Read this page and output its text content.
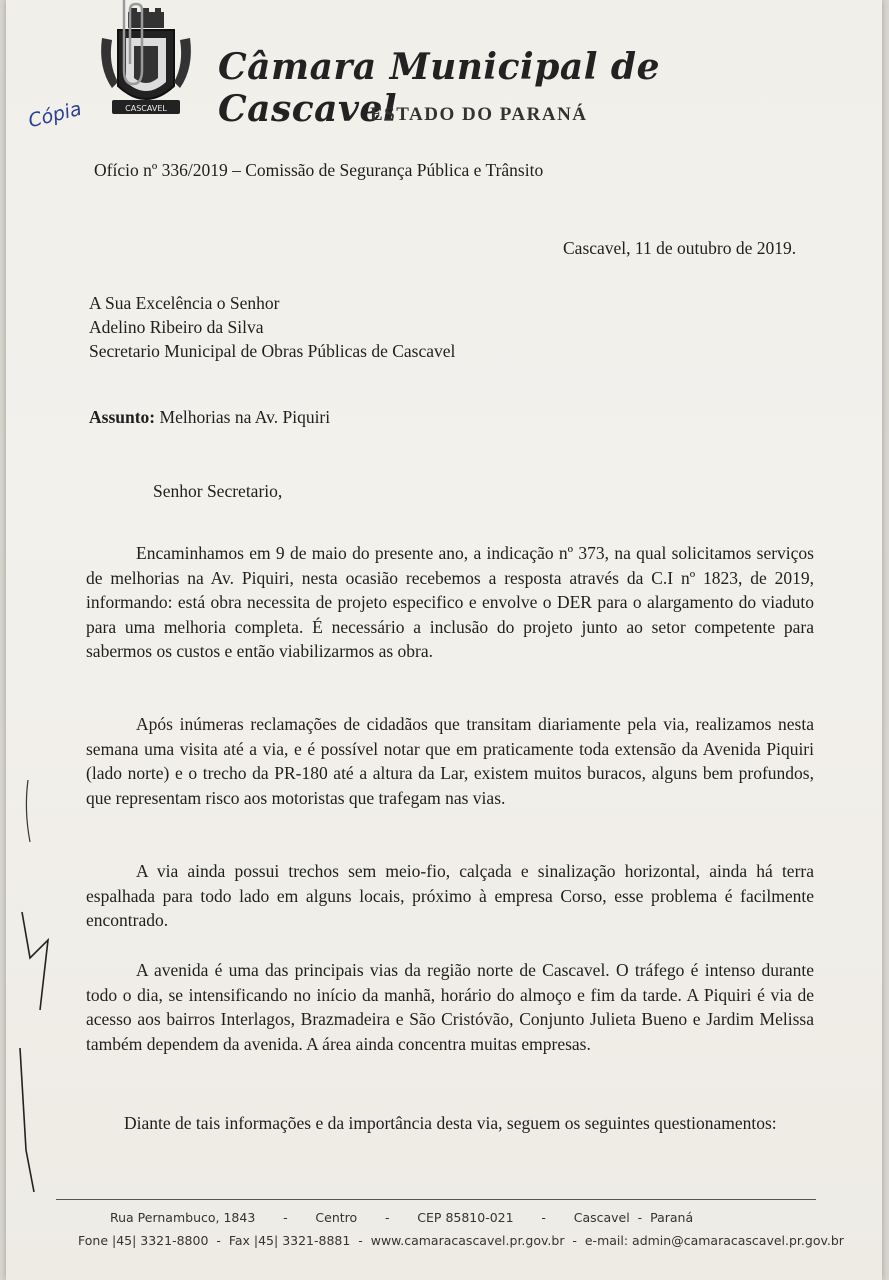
CASCAVEL
Câmara Municipal de Cascavel
ESTADO DO PARANÁ
Cópia
Ofício nº 336/2019 – Comissão de Segurança Pública e Trânsito
Cascavel, 11 de outubro de 2019.
A Sua Excelência o Senhor
Adelino Ribeiro da Silva
Secretario Municipal de Obras Públicas de Cascavel
Assunto: Melhorias na Av. Piquiri
Senhor Secretario,
Encaminhamos em 9 de maio do presente ano, a indicação nº 373, na qual solicitamos serviços de melhorias na Av. Piquiri, nesta ocasião recebemos a resposta através da C.I nº 1823, de 2019, informando: está obra necessita de projeto especifico e envolve o DER para o alargamento do viaduto para uma melhoria completa. É necessário a inclusão do projeto junto ao setor competente para sabermos os custos e então viabilizarmos as obra.
Após inúmeras reclamações de cidadãos que transitam diariamente pela via, realizamos nesta semana uma visita até a via, e é possível notar que em praticamente toda extensão da Avenida Piquiri (lado norte) e o trecho da PR-180 até a altura da Lar, existem muitos buracos, alguns bem profundos, que representam risco aos motoristas que trafegam nas vias.
A via ainda possui trechos sem meio-fio, calçada e sinalização horizontal, ainda há terra espalhada para todo lado em alguns locais, próximo à empresa Corso, esse problema é facilmente encontrado.
A avenida é uma das principais vias da região norte de Cascavel. O tráfego é intenso durante todo o dia, se intensificando no início da manhã, horário do almoço e fim da tarde. A Piquiri é via de acesso aos bairros Interlagos, Brazmadeira e São Cristóvão, Conjunto Julieta Bueno e Jardim Melissa também dependem da avenida. A área ainda concentra muitas empresas.
Diante de tais informações e da importância desta via, seguem os seguintes questionamentos:
Rua Pernambuco, 1843       -       Centro       -       CEP 85810-021       -       Cascavel  -  Paraná
Fone |45| 3321-8800  -  Fax |45| 3321-8881  -  www.camaracascavel.pr.gov.br  -  e-mail: admin@camaracascavel.pr.gov.br
